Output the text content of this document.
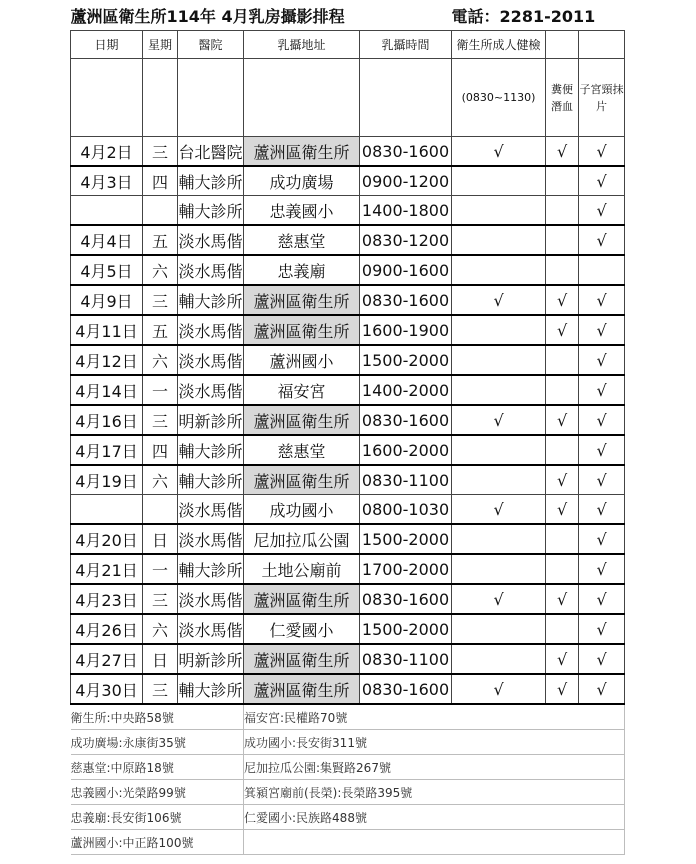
蘆洲區衛生所114年 4月乳房攝影排程					電話：2281-2011		
日期	星期	醫院	乳攝地址	乳攝時間	衛生所成人健檢		
					(0830~1130)	糞便潛血	子宮頸抹片
4月2日	三	台北醫院	蘆洲區衛生所	0830-1600	√	√	√
4月3日	四	輔大診所	成功廣場	0900-1200			√
		輔大診所	忠義國小	1400-1800			√
4月4日	五	淡水馬偕	慈惠堂	0830-1200			√
4月5日	六	淡水馬偕	忠義廟	0900-1600			
4月9日	三	輔大診所	蘆洲區衛生所	0830-1600	√	√	√
4月11日	五	淡水馬偕	蘆洲區衛生所	1600-1900		√	√
4月12日	六	淡水馬偕	蘆洲國小	1500-2000			√
4月14日	一	淡水馬偕	福安宮	1400-2000			√
4月16日	三	明新診所	蘆洲區衛生所	0830-1600	√	√	√
4月17日	四	輔大診所	慈惠堂	1600-2000			√
4月19日	六	輔大診所	蘆洲區衛生所	0830-1100		√	√
		淡水馬偕	成功國小	0800-1030	√	√	√
4月20日	日	淡水馬偕	尼加拉瓜公園	1500-2000			√
4月21日	一	輔大診所	土地公廟前	1700-2000			√
4月23日	三	淡水馬偕	蘆洲區衛生所	0830-1600	√	√	√
4月26日	六	淡水馬偕	仁愛國小	1500-2000			√
4月27日	日	明新診所	蘆洲區衛生所	0830-1100		√	√
4月30日	三	輔大診所	蘆洲區衛生所	0830-1600	√	√	√
衛生所:中央路58號			福安宮:民權路70號				
成功廣場:永康街35號			成功國小:長安街311號				
慈惠堂:中原路18號			尼加拉瓜公園:集賢路267號				
忠義國小:光榮路99號			箕潁宮廟前(長榮):長榮路395號				
忠義廟:長安街106號			仁愛國小:民族路488號				
蘆洲國小:中正路100號							
